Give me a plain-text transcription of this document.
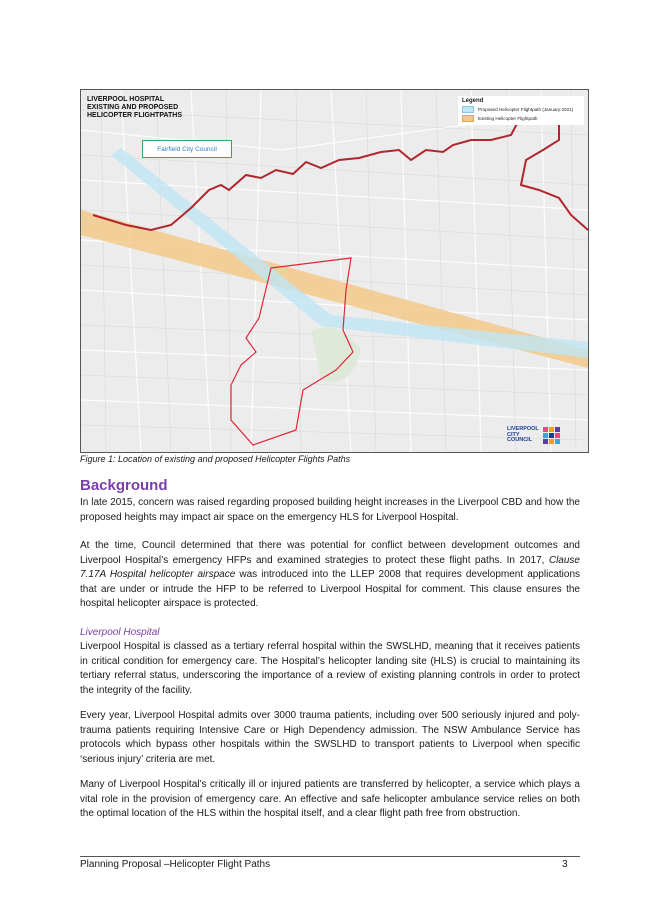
LIVERPOOL HOSPITAL
EXISTING AND PROPOSED
HELICOPTER FLIGHTPATHS
Legend
Proposed Helicopter Flightpath (January 2021)
Existing Helicopter Flightpath
Fairfield City Council
LIVERPOOL
CITY
COUNCIL
Figure 1: Location of existing and proposed Helicopter Flights Paths
Background

In late 2015, concern was raised regarding proposed building height increases in the Liverpool CBD and how the proposed heights may impact air space on the emergency HLS for Liverpool Hospital.

At the time, Council determined that there was potential for conflict between development outcomes and Liverpool Hospital’s emergency HFPs and examined strategies to protect these flight paths. In 2017, Clause 7.17A Hospital helicopter airspace was introduced into the LLEP 2008 that requires development applications that are under or intrude the HFP to be referred to Liverpool Hospital for comment. This clause ensures the hospital helicopter airspace is protected.

Liverpool Hospital

Liverpool Hospital is classed as a tertiary referral hospital within the SWSLHD, meaning that it receives patients in critical condition for emergency care. The Hospital’s helicopter landing site (HLS) is crucial to maintaining its tertiary referral status, underscoring the importance of a review of existing planning controls in order to protect the integrity of the facility.

Every year, Liverpool Hospital admits over 3000 trauma patients, including over 500 seriously injured and poly-trauma patients requiring Intensive Care or High Dependency admission. The NSW Ambulance Service has protocols which bypass other hospitals within the SWSLHD to transport patients to Liverpool when specific ‘serious injury’ criteria are met.

Many of Liverpool Hospital’s critically ill or injured patients are transferred by helicopter, a service which plays a vital role in the provision of emergency care. An effective and safe helicopter ambulance service relies on both the optimal location of the HLS within the hospital itself, and a clear flight path free from obstruction.

Planning Proposal –Helicopter Flight Paths	3
